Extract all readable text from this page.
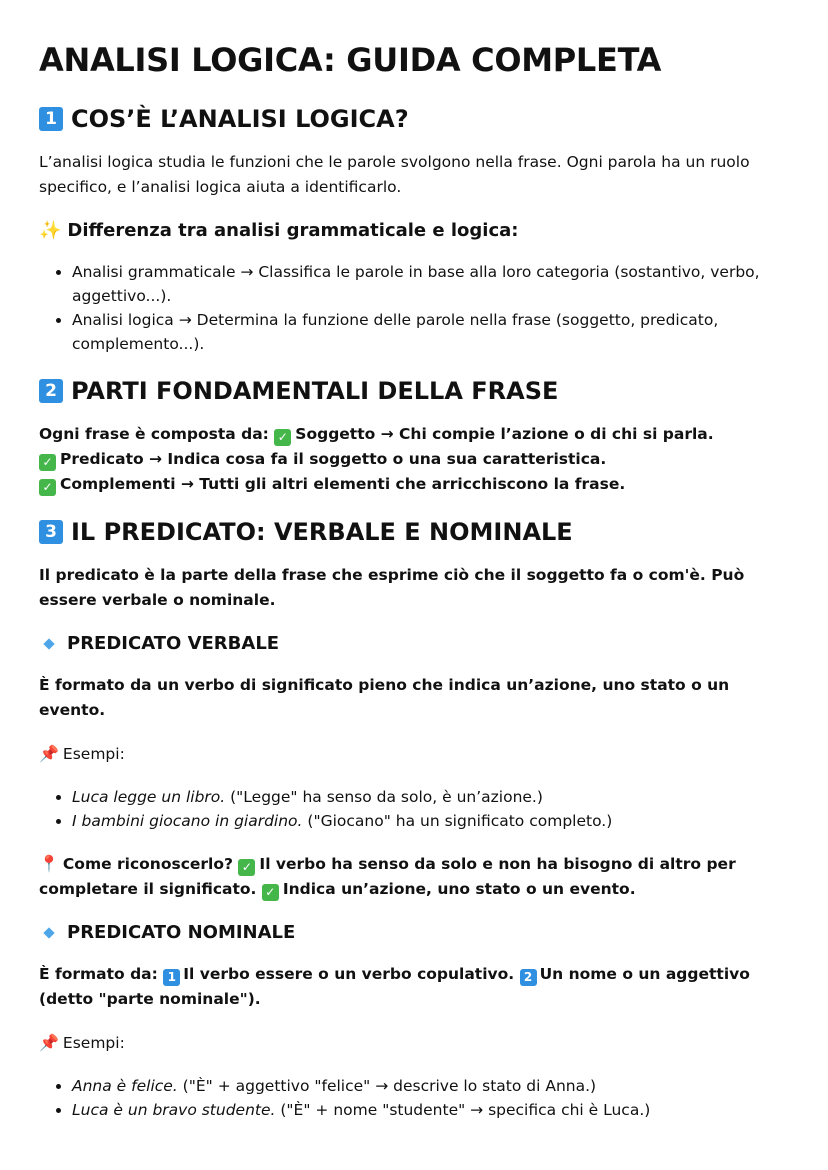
ANALISI LOGICA: GUIDA COMPLETA
1 COS’È L’ANALISI LOGICA?

L’analisi logica studia le funzioni che le parole svolgono nella frase. Ogni parola ha un ruolo specifico, e l’analisi logica aiuta a identificarlo.

✨ Differenza tra analisi grammaticale e logica:
• Analisi grammaticale → Classifica le parole in base alla loro categoria (sostantivo, verbo, aggettivo...).
• Analisi logica → Determina la funzione delle parole nella frase (soggetto, predicato, complemento...).
2 PARTI FONDAMENTALI DELLA FRASE

Ogni frase è composta da: ✓ Soggetto → Chi compie l’azione o di chi si parla.
✓ Predicato → Indica cosa fa il soggetto o una sua caratteristica.
✓ Complementi → Tutti gli altri elementi che arricchiscono la frase.

3 IL PREDICATO: VERBALE E NOMINALE

Il predicato è la parte della frase che esprime ciò che il soggetto fa o com'è. Può essere verbale o nominale.

PREDICATO VERBALE

È formato da un verbo di significato pieno che indica un’azione, uno stato o un evento.

📌 Esempi:

• Luca legge un libro. ("Legge" ha senso da solo, è un’azione.)
• I bambini giocano in giardino. ("Giocano" ha un significato completo.)

📍 Come riconoscerlo? ✓ Il verbo ha senso da solo e non ha bisogno di altro per completare il significato. ✓ Indica un’azione, uno stato o un evento.

PREDICATO NOMINALE

È formato da: 1 Il verbo essere o un verbo copulativo. 2 Un nome o un aggettivo (detto "parte nominale").

📌 Esempi:

• Anna è felice. ("È" + aggettivo "felice" → descrive lo stato di Anna.)
• Luca è un bravo studente. ("È" + nome "studente" → specifica chi è Luca.)
